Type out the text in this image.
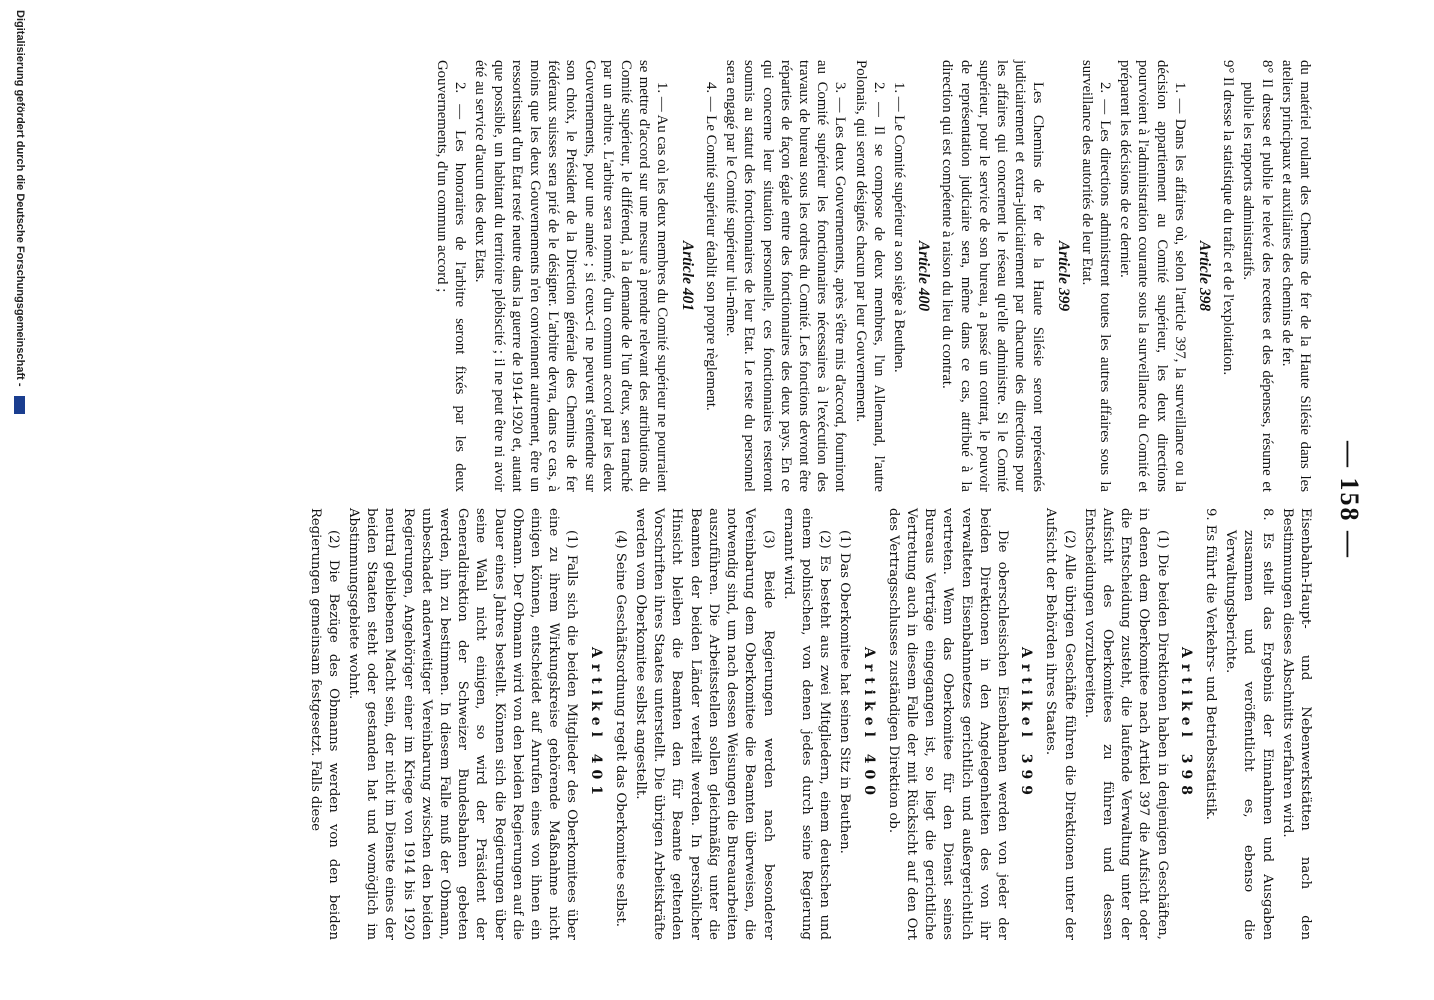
— 158 —

du matériel roulant des Chemins de fer de la Haute Silésie dans les ateliers principaux et auxiliaires des chemins de fer.

8° Il dresse et publie le relevé des recettes et des dépenses, résume et publie les rapports administratifs.

9° Il dresse la statistique du trafic et de l'exploitation.

Article 398

1. — Dans les affaires où, selon l'article 397, la surveillance ou la décision appartiennent au Comité supérieur, les deux directions pourvoient à l'administration courante sous la surveillance du Comité et préparent les décisions de ce dernier.

2. — Les directions administrent toutes les autres affaires sous la surveillance des autorités de leur Etat.

Article 399

Les Chemins de fer de la Haute Silésie seront représentés judiciairement et extra-judiciairement par chacune des directions pour les affaires qui concernent le réseau qu'elle administre. Si le Comité supérieur, pour le service de son bureau, a passé un contrat, le pouvoir de représentation judiciaire sera, même dans ce cas, attribué à la direction qui est compétente à raison du lieu du contrat.

Article 400

1. — Le Comité supérieur a son siège à Beuthen.

2. — Il se compose de deux membres, l'un Allemand, l'autre Polonais, qui seront désignés chacun par leur Gouvernement.

3. — Les deux Gouvernements, après s'être mis d'accord, fourniront au Comité supérieur les fonctionnaires nécessaires à l'exécution des travaux de bureau sous les ordres du Comité. Les fonctions devront être réparties de façon égale entre des fonctionnaires des deux pays. En ce qui concerne leur situation personnelle, ces fonctionnaires resteront soumis au statut des fonctionnaires de leur Etat. Le reste du personnel sera engagé par le Comité supérieur lui-même.

4. — Le Comité supérieur établit son propre règlement.

Article 401

1. — Au cas où les deux membres du Comité supérieur ne pourraient se mettre d'accord sur une mesure à prendre relevant des attributions du Comité supérieur, le différend, à la demande de l'un d'eux, sera tranché par un arbitre. L'arbitre sera nommé, d'un commun accord par les deux Gouvernements, pour une année ; si ceux-ci ne peuvent s'entendre sur son choix, le Président de la Direction générale des Chemins de fer fédéraux suisses sera prié de le désigner. L'arbitre devra, dans ce cas, à moins que les deux Gouvernements n'en conviennent autrement, être un ressortissant d'un Etat resté neutre dans la guerre de 1914-1920 et, autant que possible, un habitant du territoire plébiscité ; il ne peut être ni avoir été au service d'aucun des deux Etats.

2. — Les honoraires de l'arbitre seront fixés par les deux Gouvernements, d'un commun accord ;

Eisenbahn-Haupt- und Nebenwerkstätten nach den Bestimmungen dieses Abschnitts verfahren wird.

8. Es stellt das Ergebnis der Einnahmen und Ausgaben zusammen und veröffentlicht es, ebenso die Verwaltungsberichte.

9. Es führt die Verkehrs- und Betriebsstatistik.

Artikel 398

(1) Die beiden Direktionen haben in denjenigen Geschäften, in denen dem Oberkomitee nach Artikel 397 die Aufsicht oder die Entscheidung zusteht, die laufende Verwaltung unter der Aufsicht des Oberkomitees zu führen und dessen Entscheidungen vorzubereiten.

(2) Alle übrigen Geschäfte führen die Direktionen unter der Aufsicht der Behörden ihres Staates.

Artikel 399

Die oberschlesischen Eisenbahnen werden von jeder der beiden Direktionen in den Angelegenheiten des von ihr verwalteten Eisenbahnnetzes gerichtlich und außergerichtlich vertreten. Wenn das Oberkomitee für den Dienst seines Bureaus Verträge eingegangen ist, so liegt die gerichtliche Vertretung auch in diesem Falle der mit Rücksicht auf den Ort des Vertragsschlusses zuständigen Direktion ob.

Artikel 400

(1) Das Oberkomitee hat seinen Sitz in Beuthen.

(2) Es besteht aus zwei Mitgliedern, einem deutschen und einem polnischen, von denen jedes durch seine Regierung ernannt wird.

(3) Beide Regierungen werden nach besonderer Vereinbarung dem Oberkomitee die Beamten überweisen, die notwendig sind, um nach dessen Weisungen die Bureauarbeiten auszuführen. Die Arbeitsstellen sollen gleichmäßig unter die Beamten der beiden Länder verteilt werden. In persönlicher Hinsicht bleiben die Beamten den für Beamte geltenden Vorschriften ihres Staates unterstellt. Die übrigen Arbeitskräfte werden vom Oberkomitee selbst angestellt.

(4) Seine Geschäftsordnung regelt das Oberkomitee selbst.

Artikel 401

(1) Falls sich die beiden Mitglieder des Oberkomitees über eine zu ihrem Wirkungskreise gehörende Maßnahme nicht einigen können, entscheidet auf Anrufen eines von ihnen ein Obmann. Der Obmann wird von den beiden Regierungen auf die Dauer eines Jahres bestellt. Können sich die Regierungen über seine Wahl nicht einigen, so wird der Präsident der Generaldirektion der Schweizer Bundesbahnen gebeten werden, ihn zu bestimmen. In diesem Falle muß der Obmann, unbeschadet anderweitiger Vereinbarung zwischen den beiden Regierungen, Angehöriger einer im Kriege von 1914 bis 1920 neutral gebliebenen Macht sein, der nicht im Dienste eines der beiden Staaten steht oder gestanden hat und womöglich im Abstimmungsgebiete wohnt.

(2) Die Bezüge des Obmanns werden von den beiden Regierungen gemeinsam festgesetzt. Falls diese

Digitalisierung gefördert durch die Deutsche Forschungsgemeinschaft -
